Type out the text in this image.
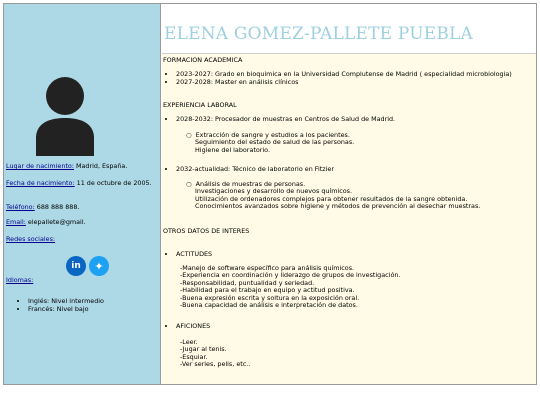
Lugar de nacimiento: Madrid, España.
Fecha de nacimiento: 11 de octubre de 2005.
Teléfono: 688 888 888.
Email: elepallete@gmail.
Redes sociales:
in	✦
Idiomas:
• Inglés: Nivel intermedio
• Francés: Nivel bajo
ELENA GOMEZ-PALLETE PUEBLA
FORMACION ACADEMICA
• 2023-2027: Grado en bioquimica en la Universidad Complutense de Madrid ( especialidad microbiologia)
• 2027-2028: Master en análisis clínicos
EXPERIENCIA LABORAL
• 2028-2032: Procesador de muestras en Centros de Salud de Madrid.
○  Extracción de sangre y estudios a los pacientes.
Seguimiento del estado de salud de las personas.
Higiene del laboratorio.
• 2032-actualidad: Técnico de laboratorio en Fitzier
○  Análisis de muestras de personas.
Investigaciones y desarrollo de nuevos químicos.
Utilización de ordenadores complejos para obtener resultados de la sangre obtenida.
Conocimientos avanzados sobre higiene y métodos de prevención al desechar muestras.
OTROS DATOS DE INTERES
• ACTITUDES
-Manejo de software específico para análisis químicos.
-Experiencia en coordinación y liderazgo de grupos de investigación.
-Responsabilidad, puntualidad y seriedad.
-Habilidad para el trabajo en equipo y actitud positiva.
-Buena expresión escrita y soltura en la exposición oral.
-Buena capacidad de análisis e interpretación de datos.
• AFICIONES
-Leer.
-Jugar al tenis.
-Esquiar.
-Ver series, pelis, etc..
